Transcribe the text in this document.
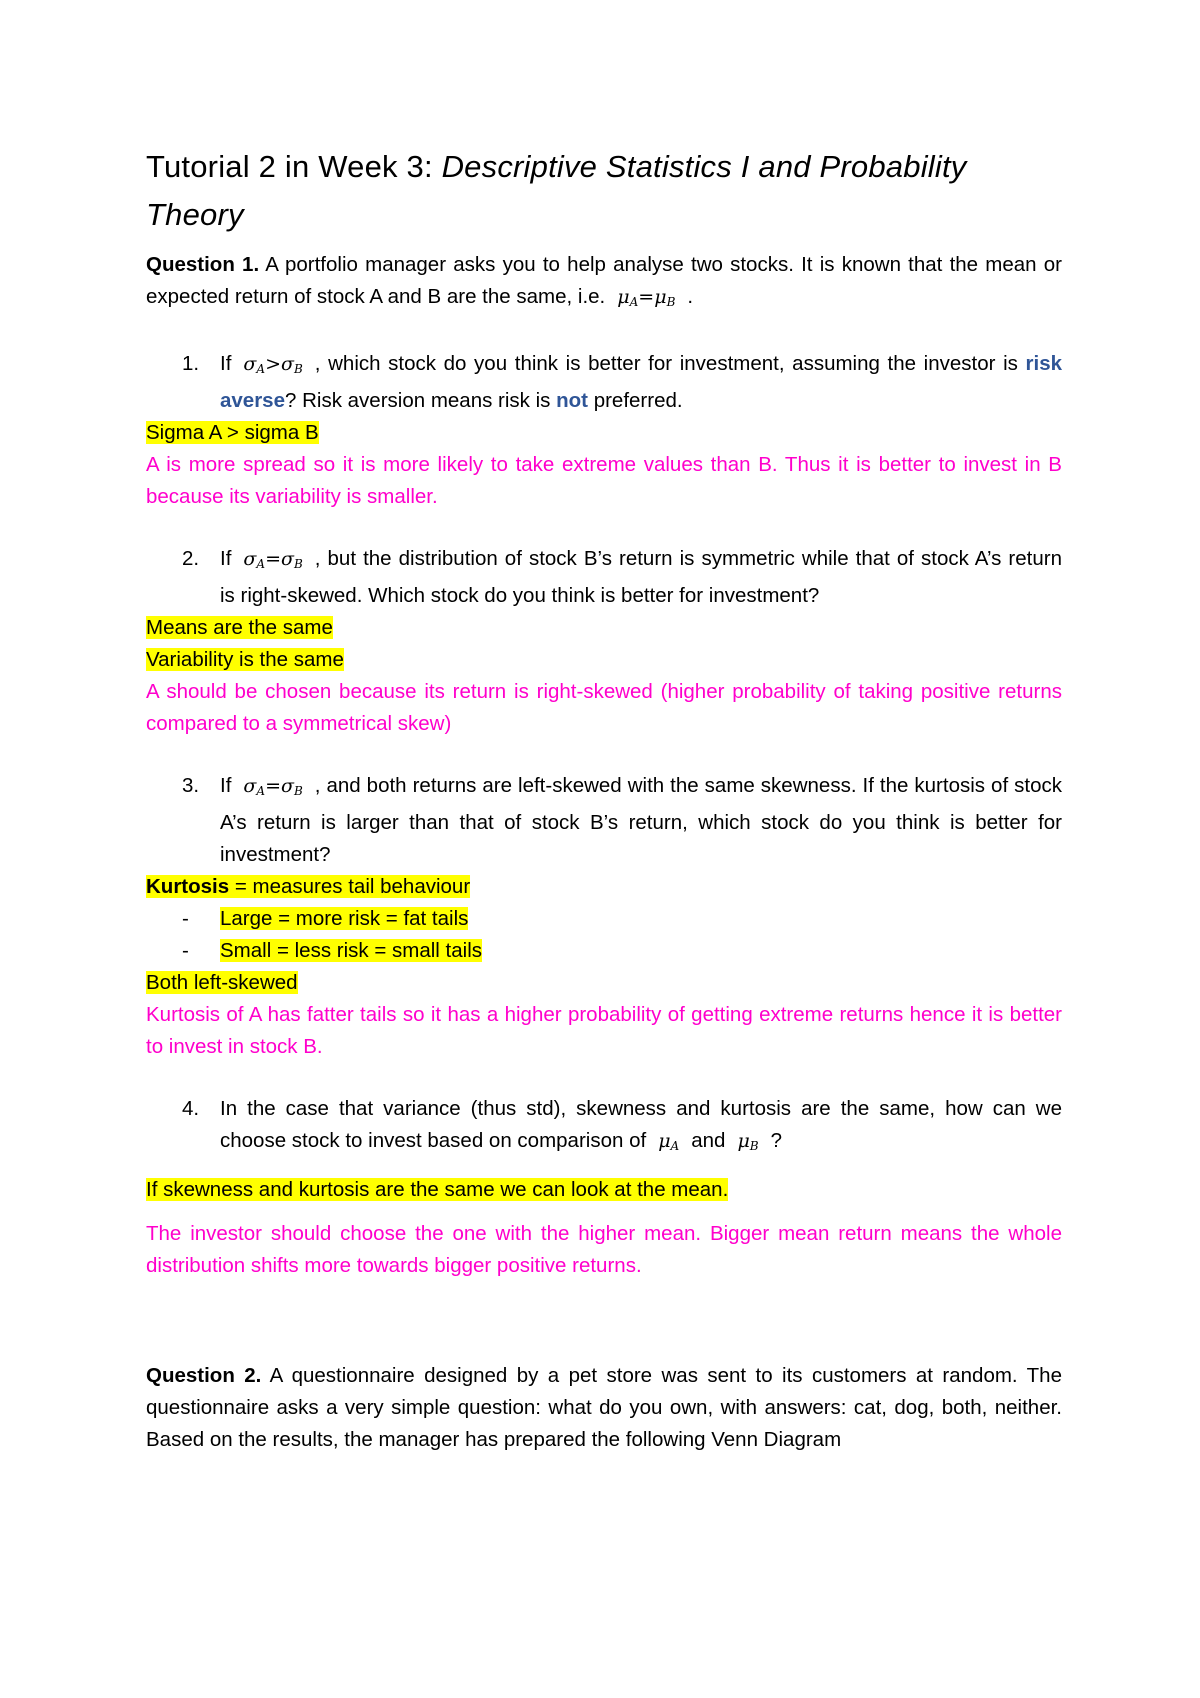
Tutorial 2 in Week 3: Descriptive Statistics I and Probability Theory

Question 1. A portfolio manager asks you to help analyse two stocks. It is known that the mean or expected return of stock A and B are the same, i.e. $\mu_A=\mu_B$ .

1. If $\sigma_A>\sigma_B$ , which stock do you think is better for investment, assuming the investor is risk averse? Risk aversion means risk is not preferred.
Sigma A > sigma B

A is more spread so it is more likely to take extreme values than B. Thus it is better to invest in B because its variability is smaller.

2. If $\sigma_A=\sigma_B$ , but the distribution of stock B’s return is symmetric while that of stock A’s return is right-skewed. Which stock do you think is better for investment?
Means are the same
Variability is the same

A should be chosen because its return is right-skewed (higher probability of taking positive returns compared to a symmetrical skew)

3. If $\sigma_A=\sigma_B$ , and both returns are left-skewed with the same skewness. If the kurtosis of stock A’s return is larger than that of stock B’s return, which stock do you think is better for investment?
Kurtosis = measures tail behaviour
- Large = more risk = fat tails
- Small = less risk = small tails
Both left-skewed

Kurtosis of A has fatter tails so it has a higher probability of getting extreme returns hence it is better to invest in stock B.

4. In the case that variance (thus std), skewness and kurtosis are the same, how can we choose stock to invest based on comparison of $\mu_A$ and $\mu_B$ ?
If skewness and kurtosis are the same we can look at the mean.

The investor should choose the one with the higher mean. Bigger mean return means the whole distribution shifts more towards bigger positive returns.

Question 2. A questionnaire designed by a pet store was sent to its customers at random. The questionnaire asks a very simple question: what do you own, with answers: cat, dog, both, neither. Based on the results, the manager has prepared the following Venn Diagram
